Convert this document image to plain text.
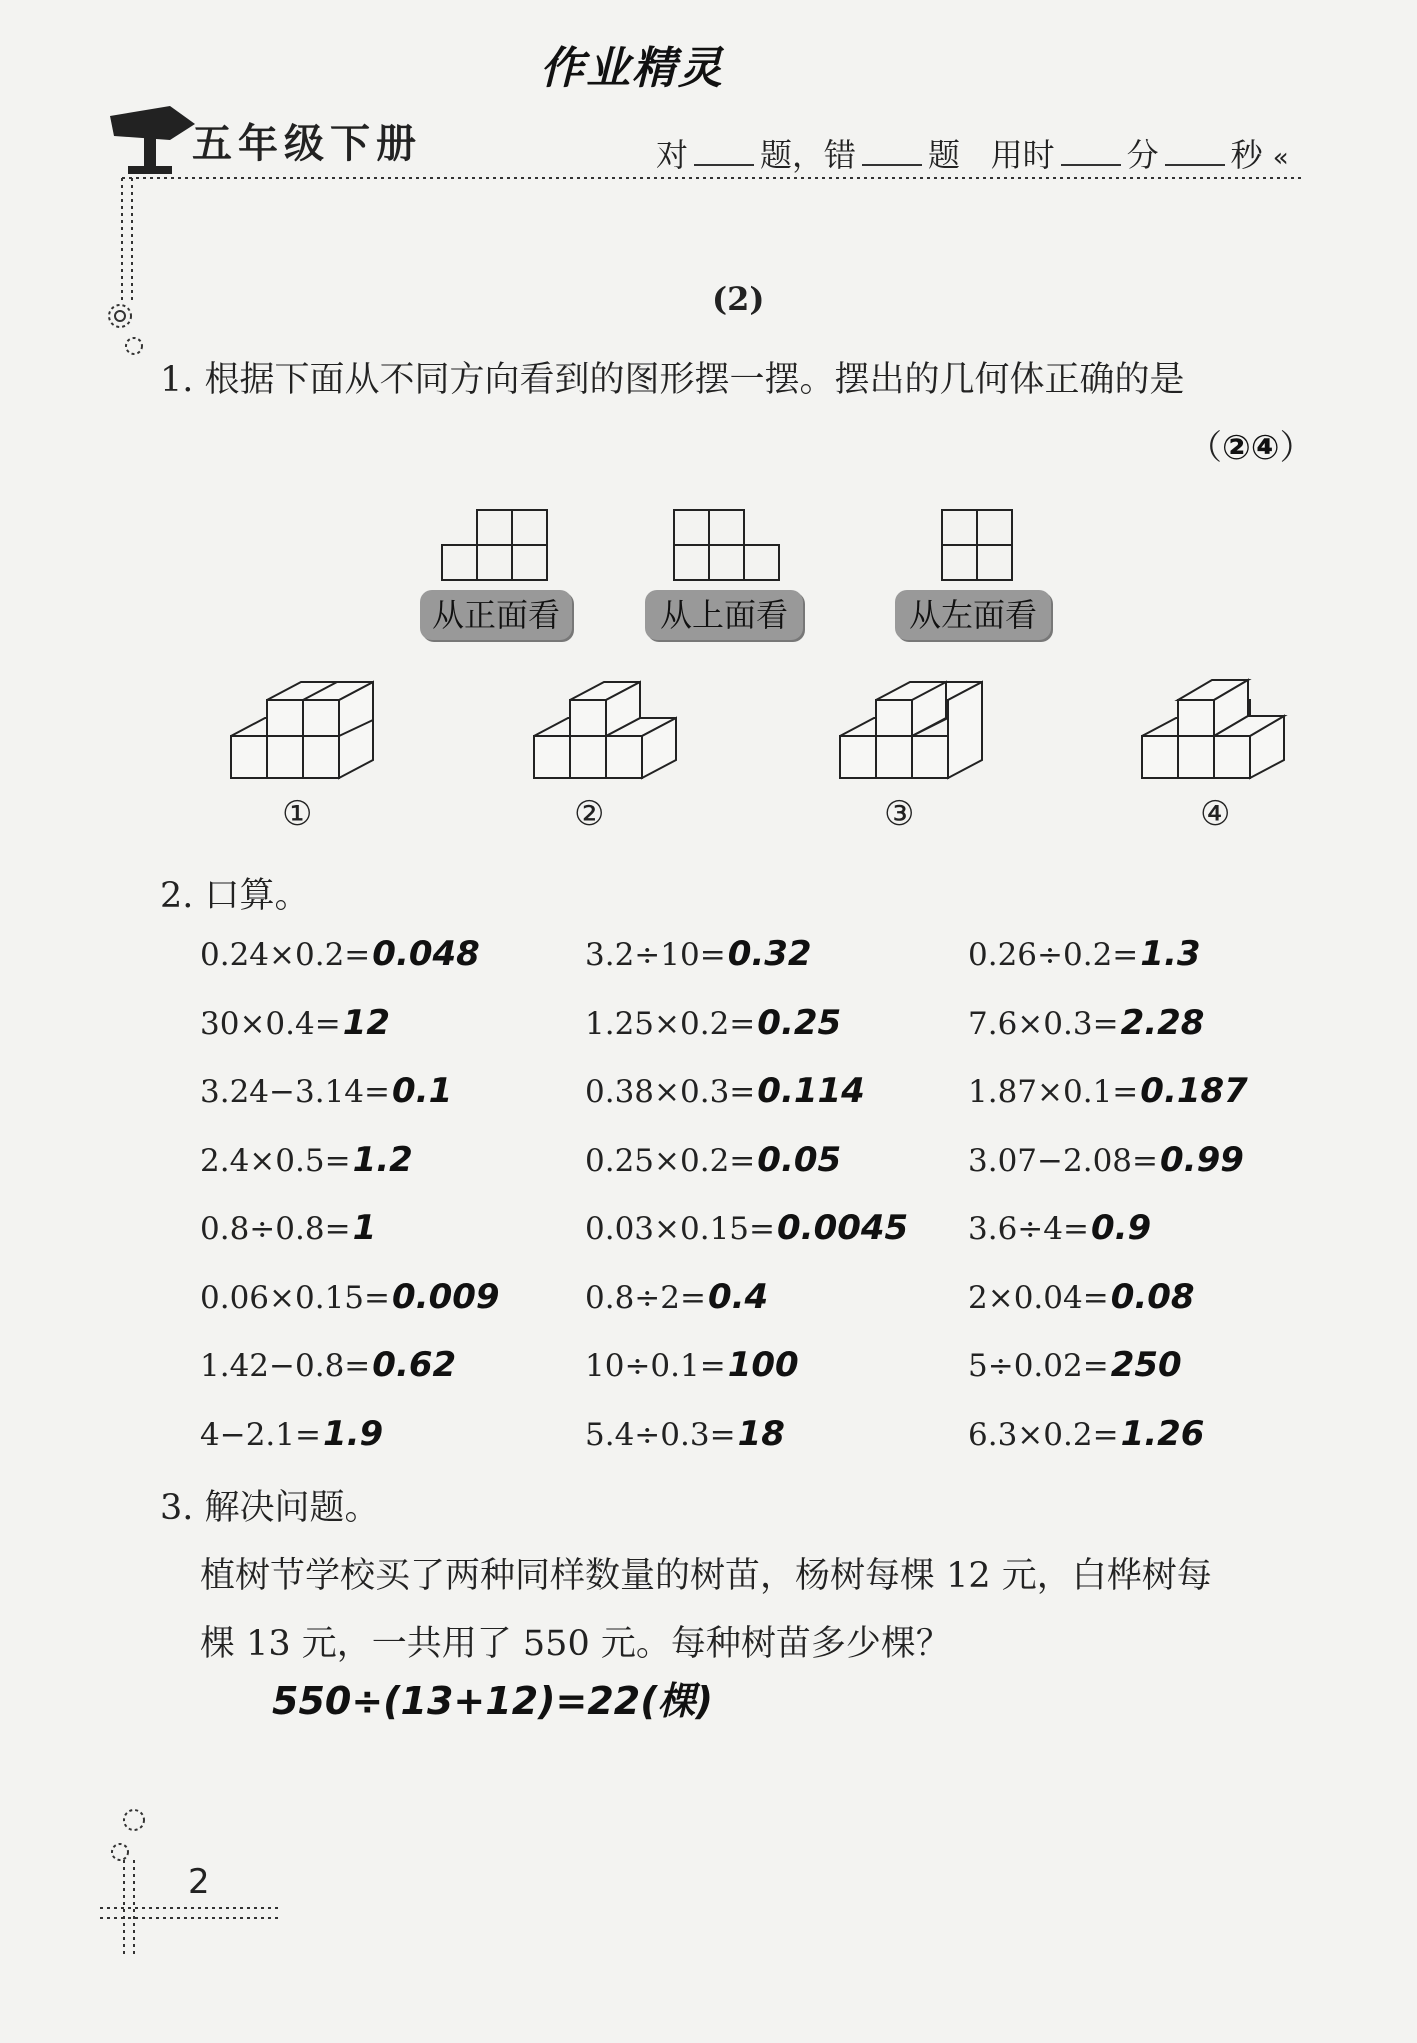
作业精灵
五年级下册	对 题，错 题 用时 分 秒 «
(2)
1. 根据下面从不同方向看到的图形摆一摆。摆出的几何体正确的是
（②④）
从正面看	从上面看	从左面看
①	②	③	④
2. 口算。
0.24×0.2=0.048	3.2÷10=0.32	0.26÷0.2=1.3
30×0.4=12	1.25×0.2=0.25	7.6×0.3=2.28
3.24−3.14=0.1	0.38×0.3=0.114	1.87×0.1=0.187
2.4×0.5=1.2	0.25×0.2=0.05	3.07−2.08=0.99
0.8÷0.8=1	0.03×0.15=0.0045 3.6÷4=0.9
0.06×0.15=0.009	0.8÷2=0.4	2×0.04=0.08
1.42−0.8=0.62	10÷0.1=100	5÷0.02=250
4−2.1=1.9	5.4÷0.3=18	6.3×0.2=1.26
3. 解决问题。
植树节学校买了两种同样数量的树苗，杨树每棵 12 元，白桦树每
棵 13 元，一共用了 550 元。每种树苗多少棵？
550÷(13+12)=22(棵)
2
